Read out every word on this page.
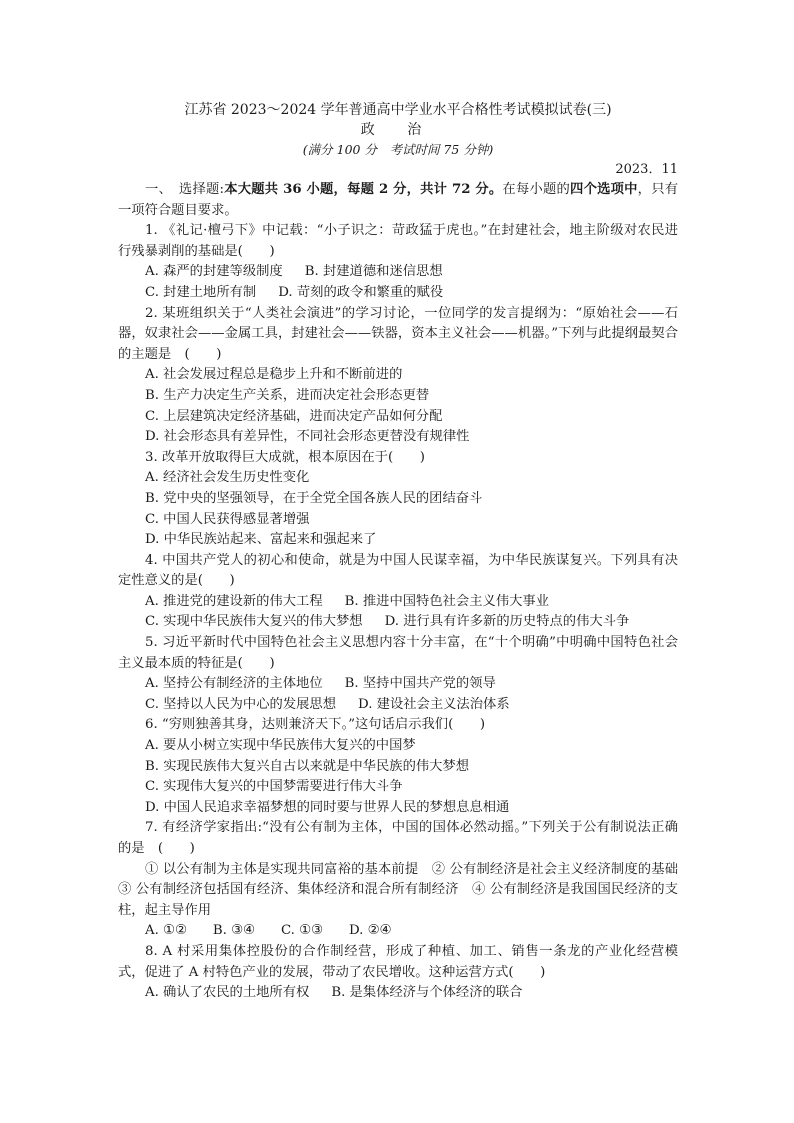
江苏省 2023～2024 学年普通高中学业水平合格性考试模拟试卷(三)
政 治
(满分 100 分　考试时间 75 分钟)
2023．11

一、　选择题:本大题共 36 小题，每题 2 分，共计 72 分。在每小题的四个选项中，只有一项符合题目要求。

1. 《礼记·檀弓下》中记载：“小子识之：苛政猛于虎也。”在封建社会，地主阶级对农民进行残暴剥削的基础是(　　)

A. 森严的封建等级制度 B. 封建道德和迷信思想

C. 封建土地所有制 D. 苛刻的政令和繁重的赋役

2. 某班组织关于“人类社会演进”的学习讨论，一位同学的发言提纲为：“原始社会——石器，奴隶社会——金属工具，封建社会——铁器，资本主义社会——机器。”下列与此提纲最契合的主题是　(　　)

A. 社会发展过程总是稳步上升和不断前进的

B. 生产力决定生产关系，进而决定社会形态更替

C. 上层建筑决定经济基础，进而决定产品如何分配

D. 社会形态具有差异性，不同社会形态更替没有规律性

3. 改革开放取得巨大成就，根本原因在于(　　)

A. 经济社会发生历史性变化

B. 党中央的坚强领导，在于全党全国各族人民的团结奋斗

C. 中国人民获得感显著增强

D. 中华民族站起来、富起来和强起来了

4. 中国共产党人的初心和使命，就是为中国人民谋幸福，为中华民族谋复兴。下列具有决定性意义的是(　　)

A. 推进党的建设新的伟大工程 B. 推进中国特色社会主义伟大事业

C. 实现中华民族伟大复兴的伟大梦想 D. 进行具有许多新的历史特点的伟大斗争

5. 习近平新时代中国特色社会主义思想内容十分丰富，在“十个明确”中明确中国特色社会主义最本质的特征是(　　)

A. 坚持公有制经济的主体地位 B. 坚持中国共产党的领导

C. 坚持以人民为中心的发展思想 D. 建设社会主义法治体系

6. “穷则独善其身，达则兼济天下。”这句话启示我们(　　)

A. 要从小树立实现中华民族伟大复兴的中国梦

B. 实现民族伟大复兴自古以来就是中华民族的伟大梦想

C. 实现伟大复兴的中国梦需要进行伟大斗争

D. 中国人民追求幸福梦想的同时要与世界人民的梦想息息相通

7. 有经济学家指出:“没有公有制为主体，中国的国体必然动摇。”下列关于公有制说法正确的是　(　　)

① 以公有制为主体是实现共同富裕的基本前提　② 公有制经济是社会主义经济制度的基础　③ 公有制经济包括国有经济、集体经济和混合所有制经济　④ 公有制经济是我国国民经济的支柱，起主导作用

A. ①② B. ③④ C. ①③ D. ②④

8. A 村采用集体控股份的合作制经营，形成了种植、加工、销售一条龙的产业化经营模式，促进了 A 村特色产业的发展，带动了农民增收。这种运营方式(　　)

A. 确认了农民的土地所有权 B. 是集体经济与个体经济的联合
